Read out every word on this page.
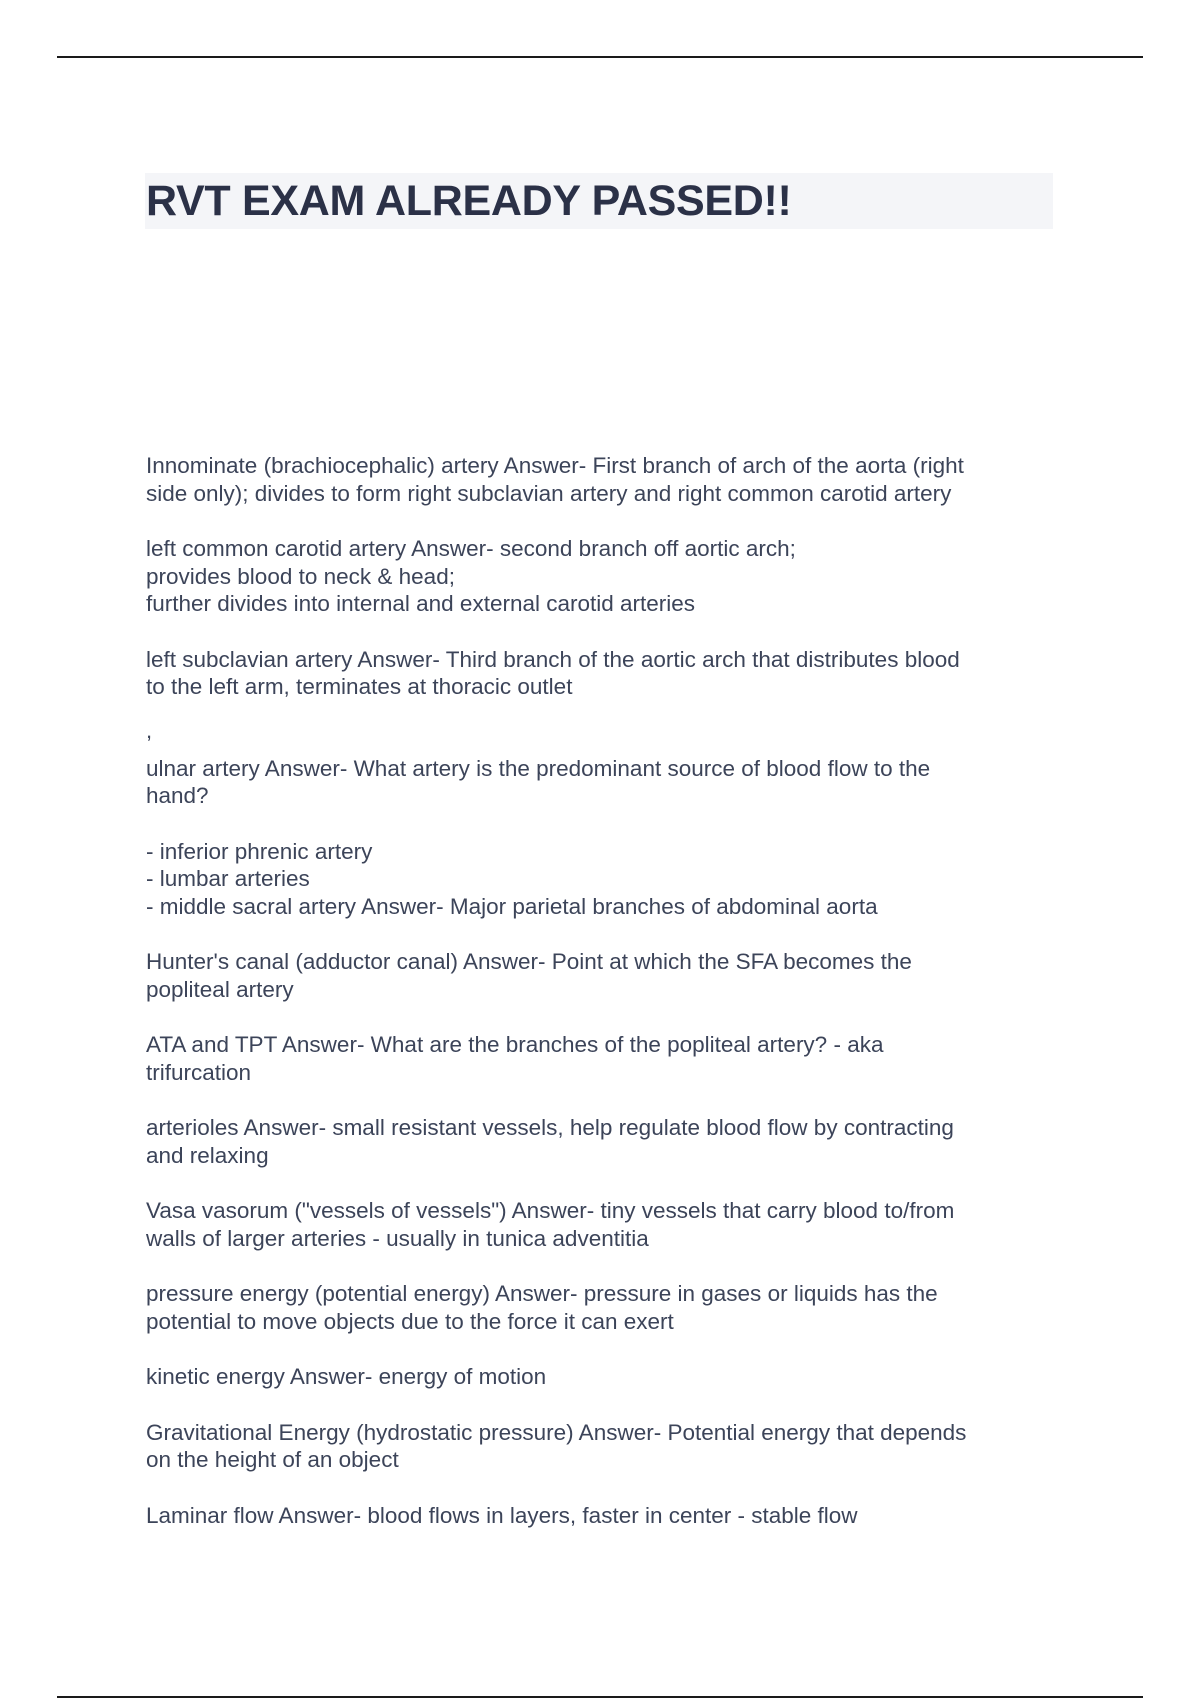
RVT EXAM ALREADY PASSED!!
Innominate (brachiocephalic) artery Answer- First branch of arch of the aorta (right
side only); divides to form right subclavian artery and right common carotid artery
left common carotid artery Answer- second branch off aortic arch;
provides blood to neck & head;
further divides into internal and external carotid arteries
left subclavian artery Answer- Third branch of the aortic arch that distributes blood
to the left arm, terminates at thoracic outlet
,
ulnar artery Answer- What artery is the predominant source of blood flow to the
hand?
- inferior phrenic artery
- lumbar arteries
- middle sacral artery Answer- Major parietal branches of abdominal aorta
Hunter's canal (adductor canal) Answer- Point at which the SFA becomes the
popliteal artery
ATA and TPT Answer- What are the branches of the popliteal artery? - aka
trifurcation
arterioles Answer- small resistant vessels, help regulate blood flow by contracting
and relaxing
Vasa vasorum ("vessels of vessels") Answer- tiny vessels that carry blood to/from
walls of larger arteries - usually in tunica adventitia
pressure energy (potential energy) Answer- pressure in gases or liquids has the
potential to move objects due to the force it can exert
kinetic energy Answer- energy of motion
Gravitational Energy (hydrostatic pressure) Answer- Potential energy that depends
on the height of an object
Laminar flow Answer- blood flows in layers, faster in center - stable flow
